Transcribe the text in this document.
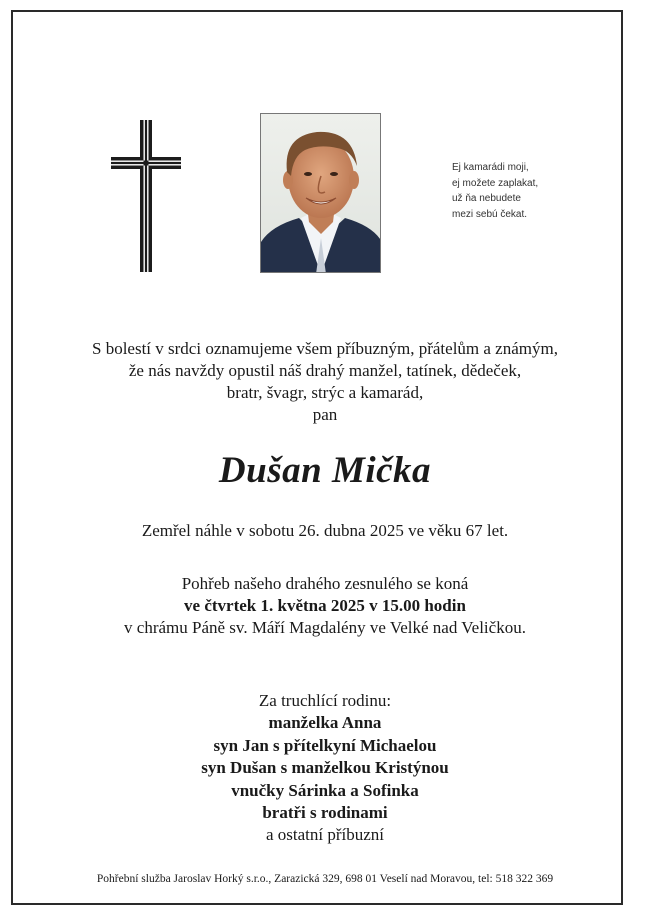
Ej kamarádi moji,
ej možete zaplakat,
už ňa nebudete
mezi sebú čekat.
S bolestí v srdci oznamujeme všem příbuzným, přátelům a známým,
že nás navždy opustil náš drahý manžel, tatínek, dědeček,
bratr, švagr, strýc a kamarád,
pan
Dušan Mička
Zemřel náhle v sobotu 26. dubna 2025 ve věku 67 let.
Pohřeb našeho drahého zesnulého se koná
ve čtvrtek 1. května 2025 v 15.00 hodin
v chrámu Páně sv. Máří Magdalény ve Velké nad Veličkou.
Za truchlící rodinu:
manželka Anna
syn Jan s přítelkyní Michaelou
syn Dušan s manželkou Kristýnou
vnučky Sárinka a Sofinka
bratři s rodinami
a ostatní příbuzní
Pohřební služba Jaroslav Horký s.r.o., Zarazická 329, 698 01 Veselí nad Moravou, tel: 518 322 369
